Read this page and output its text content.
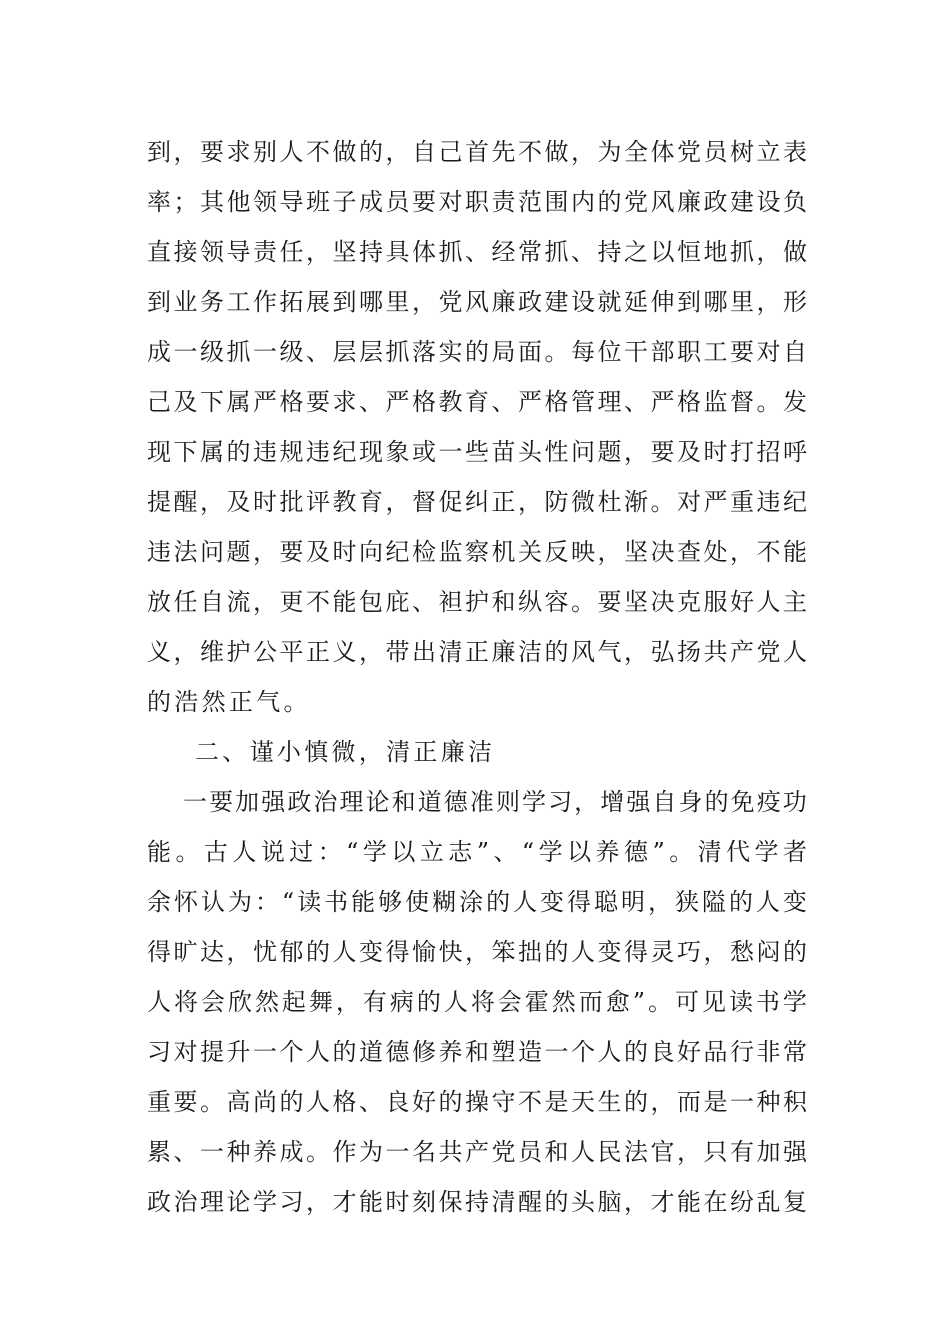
到 ， 要 求 别 人 不 做 的 ， 自 己 首 先 不 做 ， 为 全 体 党 员 树 立 表
率 ； 其 他 领 导 班 子 成 员 要 对 职 责 范 围 内 的 党 风 廉 政 建 设 负
直 接 领 导 责 任 ， 坚 持 具 体 抓 、 经 常 抓 、 持 之 以 恒 地 抓 ， 做
到 业 务 工 作 拓 展 到 哪 里 ， 党 风 廉 政 建 设 就 延 伸 到 哪 里 ， 形
成 一 级 抓 一 级 、 层 层 抓 落 实 的 局 面 。 每 位 干 部 职 工 要 对 自
己 及 下 属 严 格 要 求 、 严 格 教 育 、 严 格 管 理 、 严 格 监 督 。 发
现 下 属 的 违 规 违 纪 现 象 或 一 些 苗 头 性 问 题 ， 要 及 时 打 招 呼
提 醒 ， 及 时 批 评 教 育 ， 督 促 纠 正 ， 防 微 杜 渐 。 对 严 重 违 纪
违 法 问 题 ， 要 及 时 向 纪 检 监 察 机 关 反 映 ， 坚 决 查 处 ， 不 能
放 任 自 流 ， 更 不 能 包 庇 、 袒 护 和 纵 容 。 要 坚 决 克 服 好 人 主
义 ， 维 护 公 平 正 义 ， 带 出 清 正 廉 洁 的 风 气 ， 弘 扬 共 产 党 人
的浩然正气。
二、谨小慎微，清正廉洁
一 要 加 强 政 治 理 论 和 道 德 准 则 学 习 ， 增 强 自 身 的 免 疫 功
能 。 古 人 说 过 ： “ 学 以 立 志 ” 、 “ 学 以 养 德 ” 。 清 代 学 者
余 怀 认 为 ： “ 读 书 能 够 使 糊 涂 的 人 变 得 聪 明 ， 狭 隘 的 人 变
得 旷 达 ， 忧 郁 的 人 变 得 愉 快 ， 笨 拙 的 人 变 得 灵 巧 ， 愁 闷 的
人 将 会 欣 然 起 舞 ， 有 病 的 人 将 会 霍 然 而 愈 ” 。 可 见 读 书 学
习 对 提 升 一 个 人 的 道 德 修 养 和 塑 造 一 个 人 的 良 好 品 行 非 常
重 要 。 高 尚 的 人 格 、 良 好 的 操 守 不 是 天 生 的 ， 而 是 一 种 积
累 、 一 种 养 成 。 作 为 一 名 共 产 党 员 和 人 民 法 官 ， 只 有 加 强
政 治 理 论 学 习 ， 才 能 时 刻 保 持 清 醒 的 头 脑 ， 才 能 在 纷 乱 复
